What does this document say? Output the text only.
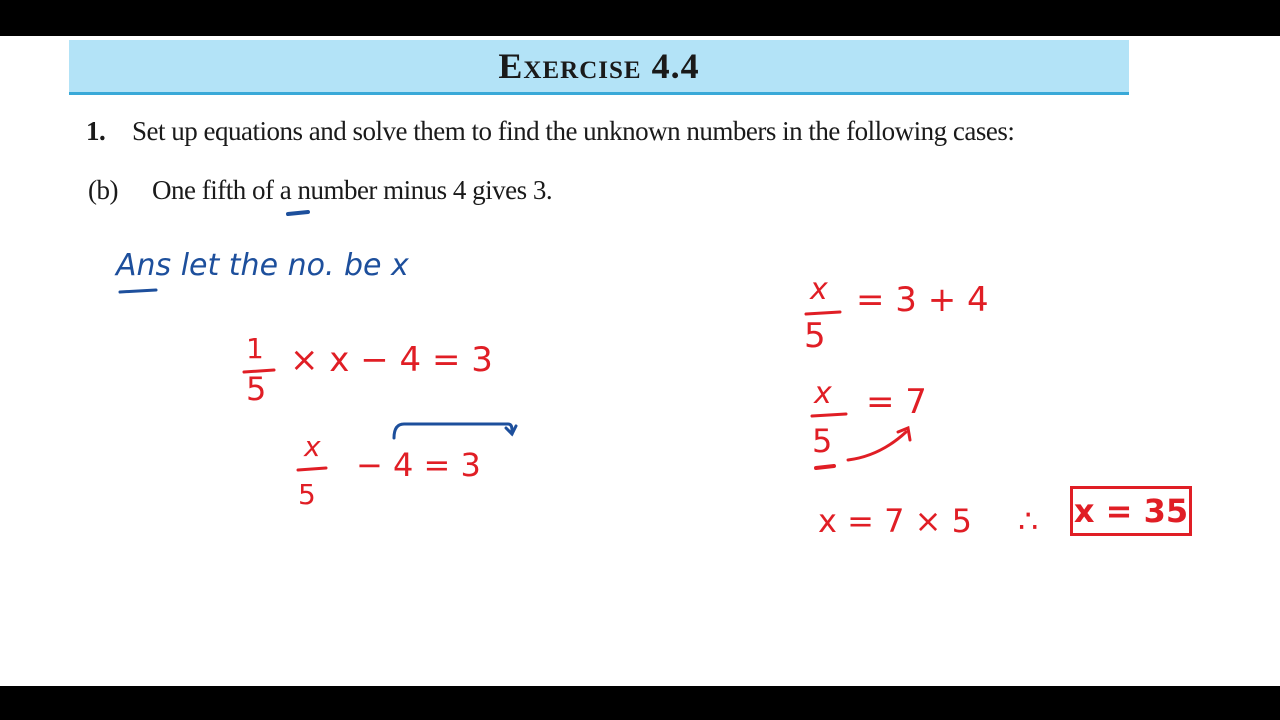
Exercise 4.4
1. Set up equations and solve them to find the unknown numbers in the following cases:
(b) One fifth of a number minus 4 gives 3.
Ans let the no. be x
1
5
× x − 4 = 3
x
5
− 4 = 3
x
5
= 3 + 4
x
5
= 7
x = 7 × 5 ∴ x = 35
